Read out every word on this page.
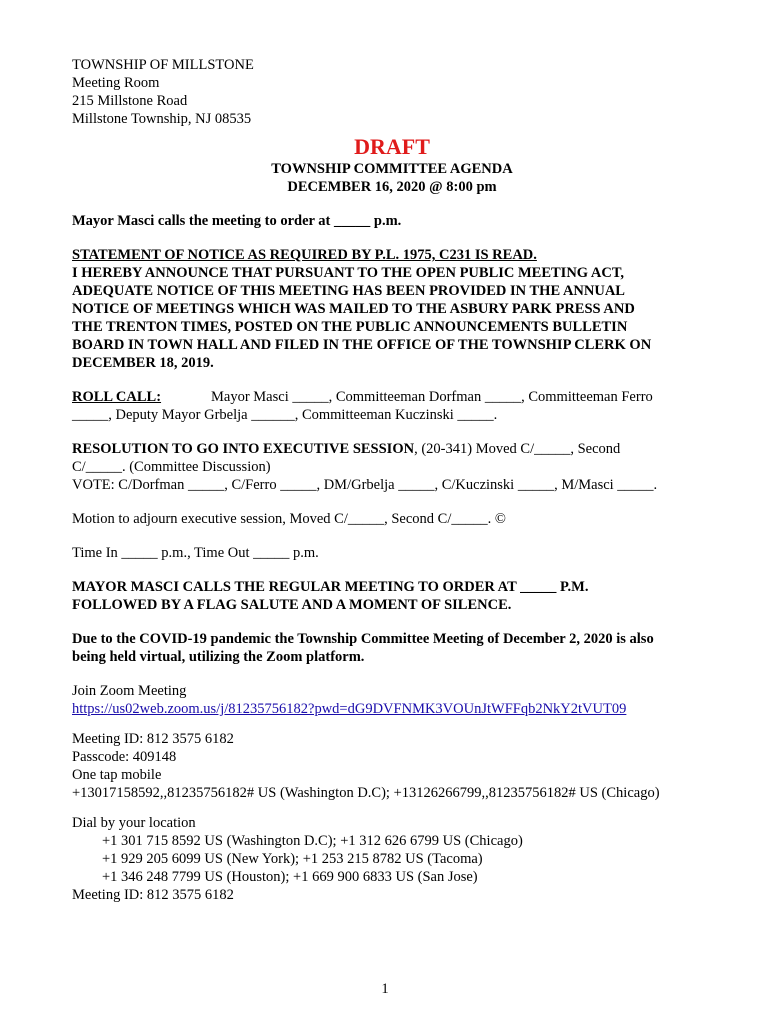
TOWNSHIP OF MILLSTONE
Meeting Room
215 Millstone Road
Millstone Township, NJ 08535
DRAFT
TOWNSHIP COMMITTEE AGENDA
DECEMBER 16, 2020 @ 8:00 pm
Mayor Masci calls the meeting to order at _____ p.m.
STATEMENT OF NOTICE AS REQUIRED BY P.L. 1975, C231 IS READ.
I HEREBY ANNOUNCE THAT PURSUANT TO THE OPEN PUBLIC MEETING ACT,
ADEQUATE NOTICE OF THIS MEETING HAS BEEN PROVIDED IN THE ANNUAL
NOTICE OF MEETINGS WHICH WAS MAILED TO THE ASBURY PARK PRESS AND
THE TRENTON TIMES, POSTED ON THE PUBLIC ANNOUNCEMENTS BULLETIN
BOARD IN TOWN HALL AND FILED IN THE OFFICE OF THE TOWNSHIP CLERK ON
DECEMBER 18, 2019.
ROLL CALL:	Mayor Masci _____, Committeeman Dorfman _____, Committeeman Ferro
_____, Deputy Mayor Grbelja ______, Committeeman Kuczinski _____.
RESOLUTION TO GO INTO EXECUTIVE SESSION, (20-341) Moved C/_____, Second
C/_____. (Committee Discussion)
VOTE: C/Dorfman _____, C/Ferro _____, DM/Grbelja _____, C/Kuczinski _____, M/Masci _____.
Motion to adjourn executive session, Moved C/_____, Second C/_____. ©
Time In _____ p.m., Time Out _____ p.m.
MAYOR MASCI CALLS THE REGULAR MEETING TO ORDER AT _____ P.M.
FOLLOWED BY A FLAG SALUTE AND A MOMENT OF SILENCE.
Due to the COVID-19 pandemic the Township Committee Meeting of December 2, 2020 is also
being held virtual, utilizing the Zoom platform.
Join Zoom Meeting
https://us02web.zoom.us/j/81235756182?pwd=dG9DVFNMK3VOUnJtWFFqb2NkY2tVUT09
Meeting ID: 812 3575 6182
Passcode: 409148
One tap mobile
+13017158592,,81235756182# US (Washington D.C); +13126266799,,81235756182# US (Chicago)
Dial by your location
+1 301 715 8592 US (Washington D.C); +1 312 626 6799 US (Chicago)
+1 929 205 6099 US (New York); +1 253 215 8782 US (Tacoma)
+1 346 248 7799 US (Houston); +1 669 900 6833 US (San Jose)
Meeting ID: 812 3575 6182
1
